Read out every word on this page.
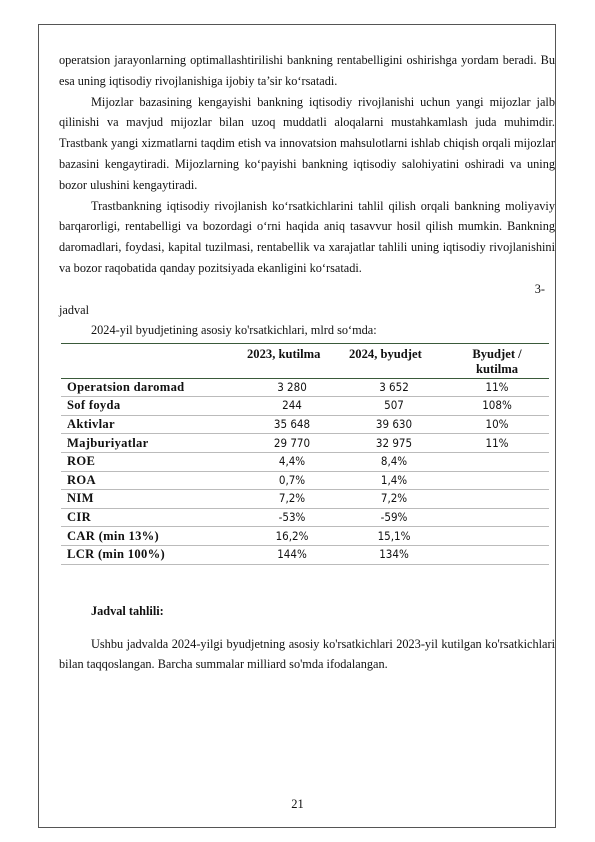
operatsion jarayonlarning optimallashtirilishi bankning rentabelligini oshirishga yordam beradi. Bu esa uning iqtisodiy rivojlanishiga ijobiy ta’sir ko‘rsatadi.

Mijozlar bazasining kengayishi bankning iqtisodiy rivojlanishi uchun yangi mijozlar jalb qilinishi va mavjud mijozlar bilan uzoq muddatli aloqalarni mustahkamlash juda muhimdir. Trastbank yangi xizmatlarni taqdim etish va innovatsion mahsulotlarni ishlab chiqish orqali mijozlar bazasini kengaytiradi. Mijozlarning ko‘payishi bankning iqtisodiy salohiyatini oshiradi va uning bozor ulushini kengaytiradi.

Trastbankning iqtisodiy rivojlanish ko‘rsatkichlarini tahlil qilish orqali bankning moliyaviy barqarorligi, rentabelligi va bozordagi o‘rni haqida aniq tasavvur hosil qilish mumkin. Bankning daromadlari, foydasi, kapital tuzilmasi, rentabellik va xarajatlar tahlili uning iqtisodiy rivojlanishini va bozor raqobatida qanday pozitsiyada ekanligini ko‘rsatadi.

3-
jadval

2024-yil byudjetining asosiy ko'rsatkichlari, mlrd so‘mda:

	2023, kutilma	2024, byudjet	Byudjet / kutilma
Operatsion daromad	3 280	3 652	11%
Sof foyda	244	507	108%
Aktivlar	35 648	39 630	10%
Majburiyatlar	29 770	32 975	11%
ROE	4,4%	8,4%	
ROA	0,7%	1,4%	
NIM	7,2%	7,2%	
CIR	-53%	-59%	
CAR (min 13%)	16,2%	15,1%	
LCR (min 100%)	144%	134%	

Jadval tahlili:

Ushbu jadvalda 2024-yilgi byudjetning asosiy ko'rsatkichlari 2023-yil kutilgan ko'rsatkichlari bilan taqqoslangan. Barcha summalar milliard so'mda ifodalangan.

21
